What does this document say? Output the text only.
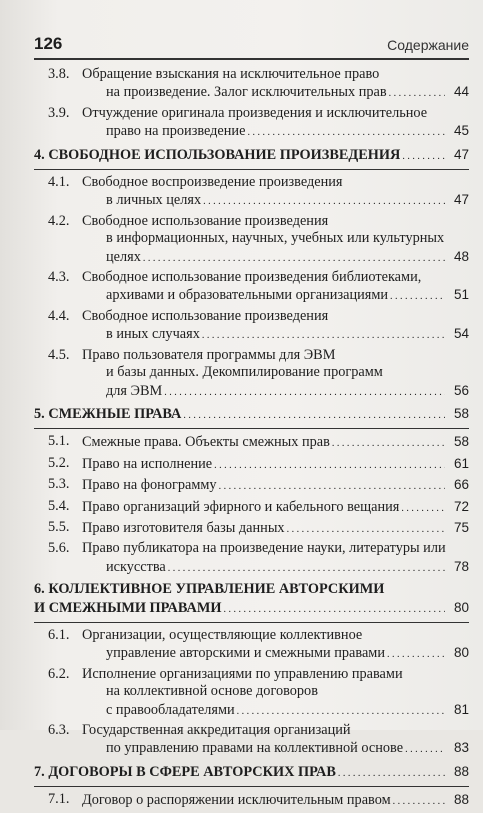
126	Содержание
3.8. Обращение взыскания на исключительное право
на произведение. Залог исключительных прав . . .	44
3.9. Отчуждение оригинала произведения и исключительное
право на произведение . . .	45
4. СВОБОДНОЕ ИСПОЛЬЗОВАНИЕ ПРОИЗВЕДЕНИЯ . . .	47
4.1. Свободное воспроизведение произведения
в личных целях . . .	47
4.2. Свободное использование произведения
в информационных, научных, учебных или культурных
целях . . .	48
4.3. Свободное использование произведения библиотеками,
архивами и образовательными организациями . . .	51
4.4. Свободное использование произведения
в иных случаях . . .	54
4.5. Право пользователя программы для ЭВМ
и базы данных. Декомпилирование программ
для ЭВМ . . .	56
5. СМЕЖНЫЕ ПРАВА . . .	58
5.1. Смежные права. Объекты смежных прав . . .	58
5.2. Право на исполнение . . .	61
5.3. Право на фонограмму . . .	66
5.4. Право организаций эфирного и кабельного вещания . . .	72
5.5. Право изготовителя базы данных . . .	75
5.6. Право публикатора на произведение науки, литературы или
искусства . . .	78
6. КОЛЛЕКТИВНОЕ УПРАВЛЕНИЕ АВТОРСКИМИ
И СМЕЖНЫМИ ПРАВАМИ . . .	80
6.1. Организации, осуществляющие коллективное
управление авторскими и смежными правами . . .	80
6.2. Исполнение организациями по управлению правами
на коллективной основе договоров
с правообладателями . . .	81
6.3. Государственная аккредитация организаций
по управлению правами на коллективной основе . . .	83
7. ДОГОВОРЫ В СФЕРЕ АВТОРСКИХ ПРАВ . . .	88
7.1. Договор о распоряжении исключительным правом . . .	88
